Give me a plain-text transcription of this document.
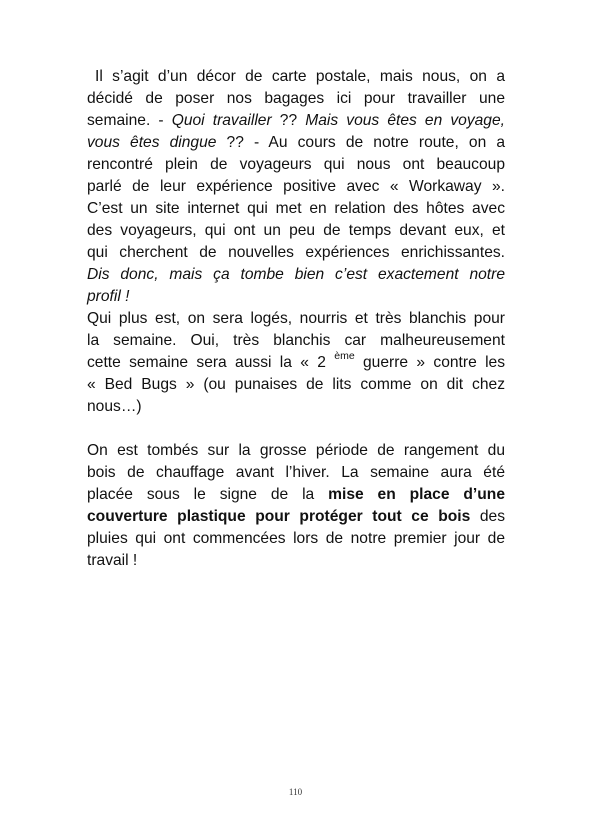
Il s’agit d’un décor de carte postale, mais nous, on a
décidé de poser nos bagages ici pour travailler une
semaine. - Quoi travailler ?? Mais vous êtes en voyage,
vous êtes dingue ?? - Au cours de notre route, on a
rencontré plein de voyageurs qui nous ont beaucoup
parlé de leur expérience positive avec « Workaway ».
C’est un site internet qui met en relation des hôtes avec
des voyageurs, qui ont un peu de temps devant eux, et
qui cherchent de nouvelles expériences enrichissantes.
Dis donc, mais ça tombe bien c’est exactement notre
profil !
Qui plus est, on sera logés, nourris et très blanchis pour
la semaine. Oui, très blanchis car malheureusement
cette semaine sera aussi la « 2 $^{ème}$ guerre » contre les
« Bed Bugs » (ou punaises de lits comme on dit chez
nous…)
On est tombés sur la grosse période de rangement du
bois de chauffage avant l’hiver. La semaine aura été
placée sous le signe de la mise en place d’une
couverture plastique pour protéger tout ce bois des
pluies qui ont commencées lors de notre premier jour de
travail !
110
